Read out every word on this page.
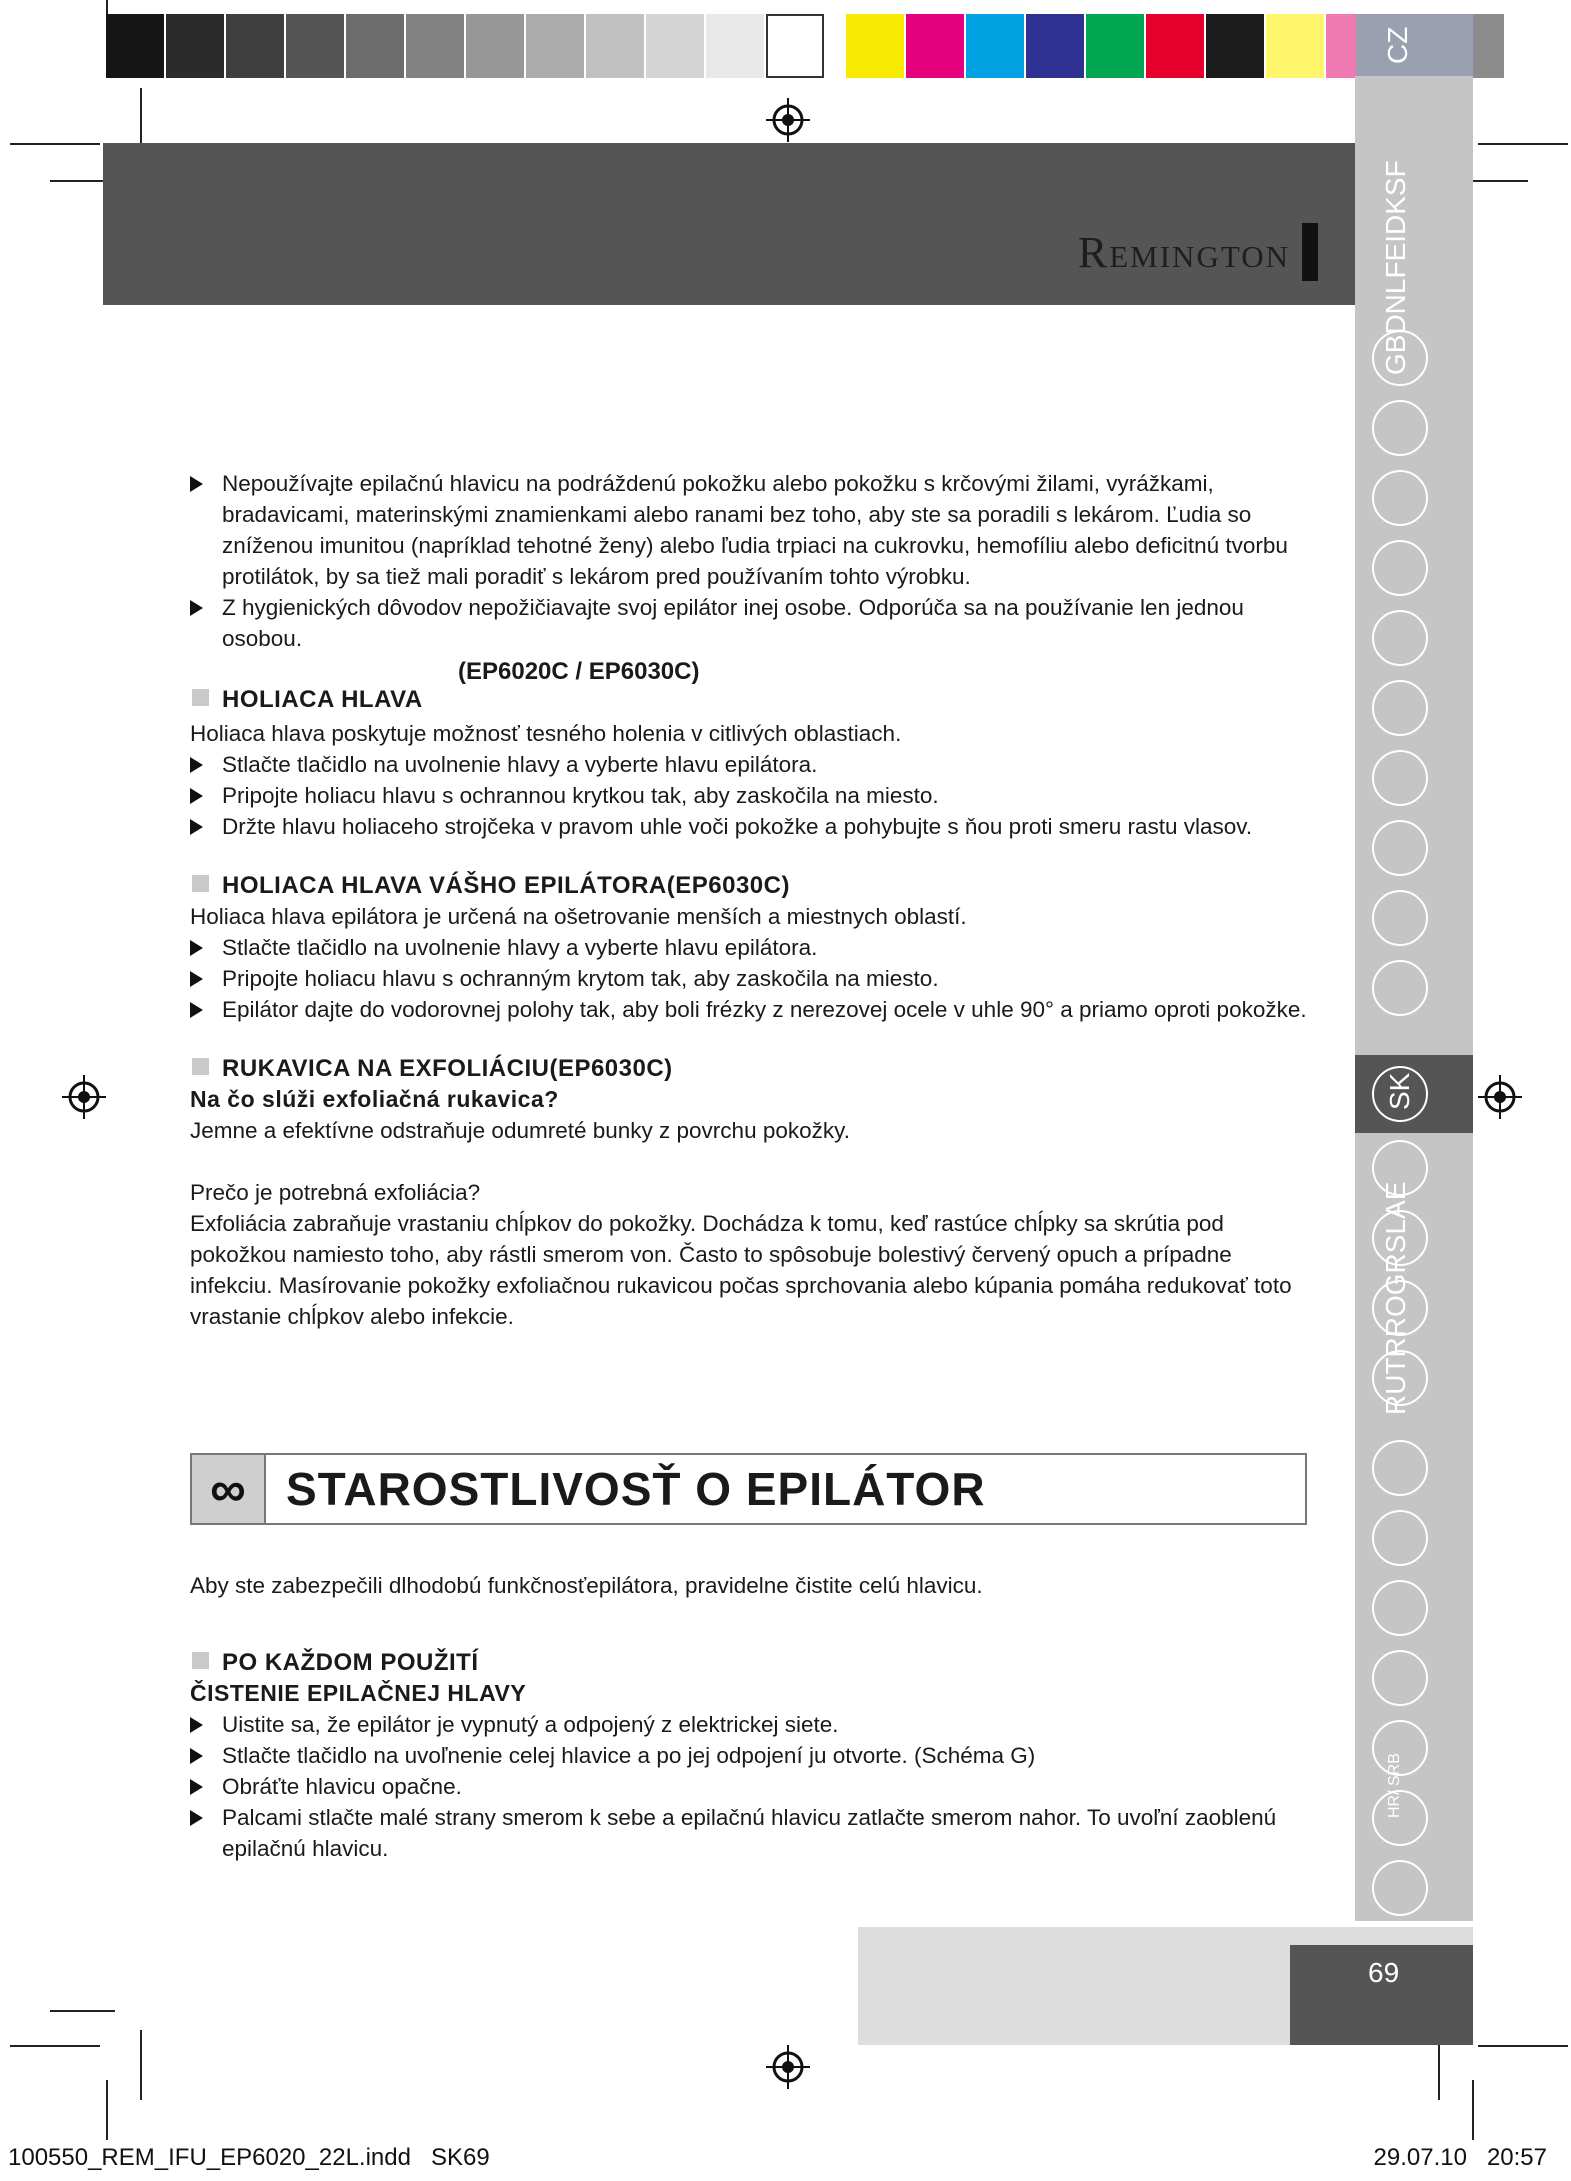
Remington
CZ
GBDNLFEIDKSF
SK
RUTRROGRSLAE
HR/ SRB

Nepoužívajte epilačnú hlavicu na podráždenú pokožku alebo pokožku s krčovými žilami, vyrážkami, bradavicami, materinskými znamienkami alebo ranami bez toho, aby ste sa poradili s lekárom. Ľudia so zníženou imunitou (napríklad tehotné ženy) alebo ľudia trpiaci na cukrovku, hemofíliu alebo deficitnú tvorbu protilátok, by sa tiež mali poradiť s lekárom pred používaním tohto výrobku.

Z hygienických dôvodov nepožičiavajte svoj epilátor inej osobe. Odporúča sa na používanie len jednou osobou.

(EP6020C / EP6030C)
HOLIACA HLAVA

Holiaca hlava poskytuje možnosť tesného holenia v citlivých oblastiach.

Stlačte tlačidlo na uvolnenie hlavy a vyberte hlavu epilátora.

Pripojte holiacu hlavu s ochrannou krytkou tak, aby zaskočila na miesto.

Držte hlavu holiaceho strojčeka v pravom uhle voči pokožke a pohybujte s ňou proti smeru rastu vlasov.

HOLIACA HLAVA VÁŠHO EPILÁTORA(EP6030C)

Holiaca hlava epilátora je určená na ošetrovanie menších a miestnych oblastí.

Stlačte tlačidlo na uvolnenie hlavy a vyberte hlavu epilátora.

Pripojte holiacu hlavu s ochranným krytom tak, aby zaskočila na miesto.

Epilátor dajte do vodorovnej polohy tak, aby boli frézky z nerezovej ocele v uhle 90° a priamo oproti pokožke.

RUKAVICA NA EXFOLIÁCIU(EP6030C)

Na čo slúži exfoliačná rukavica?

Jemne a efektívne odstraňuje odumreté bunky z povrchu pokožky.

Prečo je potrebná exfoliácia?

Exfoliácia zabraňuje vrastaniu chĺpkov do pokožky. Dochádza k tomu, keď rastúce chĺpky sa skrútia pod pokožkou namiesto toho, aby rástli smerom von. Často to spôsobuje bolestivý červený opuch a prípadne infekciu. Masírovanie pokožky exfoliačnou rukavicou počas sprchovania alebo kúpania pomáha redukovať toto vrastanie chĺpkov alebo infekcie.

∞ STAROSTLIVOSŤ O EPILÁTOR

Aby ste zabezpečili dlhodobú funkčnosťepilátora, pravidelne čistite celú hlavicu.

PO KAŽDOM POUŽITÍ

ČISTENIE EPILAČNEJ HLAVY

Uistite sa, že epilátor je vypnutý a odpojený z elektrickej siete.

Stlačte tlačidlo na uvoľnenie celej hlavice a po jej odpojení ju otvorte. (Schéma G)

Obráťte hlavicu opačne.

Palcami stlačte malé strany smerom k sebe a epilačnú hlavicu zatlačte smerom nahor. To uvoľní zaoblenú epilačnú hlavicu.

69
100550_REM_IFU_EP6020_22L.indd   SK69	29.07.10   20:57
